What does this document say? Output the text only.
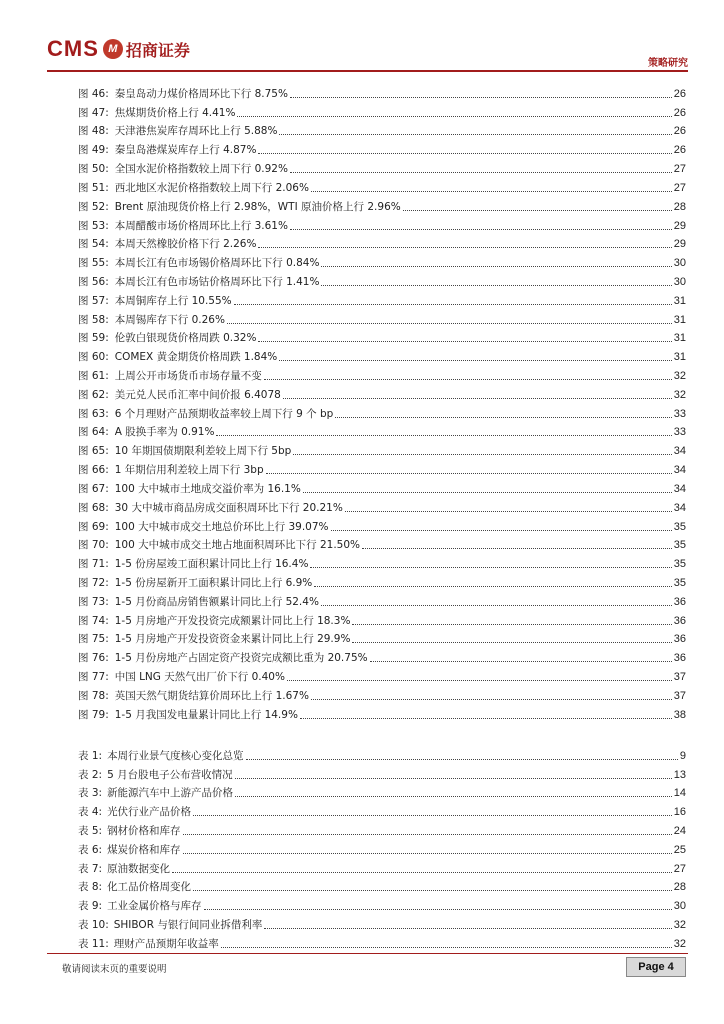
CMS M 招商证券
策略研究
图 46: 秦皇岛动力煤价格周环比下行 8.75%	26
图 47: 焦煤期货价格上行 4.41%	26
图 48: 天津港焦炭库存周环比上行 5.88%	26
图 49: 秦皇岛港煤炭库存上行 4.87%	26
图 50: 全国水泥价格指数较上周下行 0.92%	27
图 51: 西北地区水泥价格指数较上周下行 2.06%	27
图 52: Brent 原油现货价格上行 2.98%，WTI 原油价格上行 2.96%	28
图 53: 本周醋酸市场价格周环比上行 3.61%	29
图 54: 本周天然橡胶价格下行 2.26%	29
图 55: 本周长江有色市场锡价格周环比下行 0.84%	30
图 56: 本周长江有色市场钴价格周环比下行 1.41%	30
图 57: 本周铜库存上行 10.55%	31
图 58: 本周锡库存下行 0.26%	31
图 59: 伦敦白银现货价格周跌 0.32%	31
图 60: COMEX 黄金期货价格周跌 1.84%	31
图 61: 上周公开市场货币市场存量不变	32
图 62: 美元兑人民币汇率中间价报 6.4078	32
图 63: 6 个月理财产品预期收益率较上周下行 9 个 bp	33
图 64: A 股换手率为 0.91%	33
图 65: 10 年期国债期限利差较上周下行 5bp	34
图 66: 1 年期信用利差较上周下行 3bp	34
图 67: 100 大中城市土地成交溢价率为 16.1%	34
图 68: 30 大中城市商品房成交面积周环比下行 20.21%	34
图 69: 100 大中城市成交土地总价环比上行 39.07%	35
图 70: 100 大中城市成交土地占地面积周环比下行 21.50%	35
图 71: 1-5 份房屋竣工面积累计同比上行 16.4%	35
图 72: 1-5 份房屋新开工面积累计同比上行 6.9%	35
图 73: 1-5 月份商品房销售额累计同比上行 52.4%	36
图 74: 1-5 月房地产开发投资完成额累计同比上行 18.3%	36
图 75: 1-5 月房地产开发投资资金来累计同比上行 29.9%	36
图 76: 1-5 月份房地产占固定资产投资完成额比重为 20.75%	36
图 77: 中国 LNG 天然气出厂价下行 0.40%	37
图 78: 英国天然气期货结算价周环比上行 1.67%	37
图 79: 1-5 月我国发电量累计同比上行 14.9%	38
表 1: 本周行业景气度核心变化总览	9
表 2: 5 月台股电子公布营收情况	13
表 3: 新能源汽车中上游产品价格	14
表 4: 光伏行业产品价格	16
表 5: 钢材价格和库存	24
表 6: 煤炭价格和库存	25
表 7: 原油数据变化	27
表 8: 化工品价格周变化	28
表 9: 工业金属价格与库存	30
表 10: SHIBOR 与银行间同业拆借利率	32
表 11: 理财产品预期年收益率	32
敬请阅读末页的重要说明	Page 4
